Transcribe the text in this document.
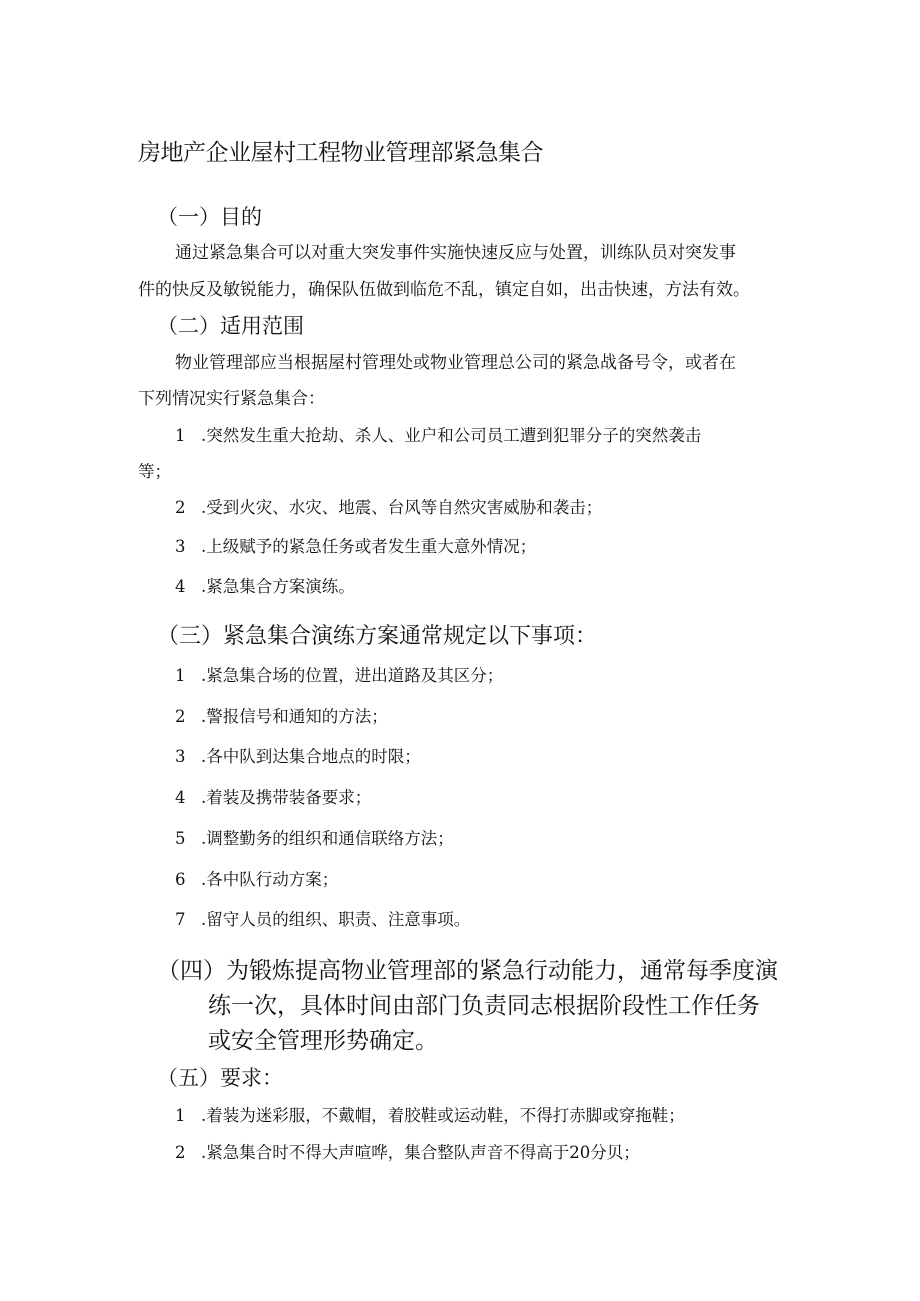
房地产企业屋村工程物业管理部紧急集合

（一）目的

通过紧急集合可以对重大突发事件实施快速反应与处置，训练队员对突发事

件的快反及敏锐能力，确保队伍做到临危不乱，镇定自如，出击快速，方法有效。

（二）适用范围

物业管理部应当根据屋村管理处或物业管理总公司的紧急战备号令，或者在

下列情况实行紧急集合：

1 .突然发生重大抢劫、杀人、业户和公司员工遭到犯罪分子的突然袭击

等；

2 .受到火灾、水灾、地震、台风等自然灾害威胁和袭击；

3 .上级赋予的紧急任务或者发生重大意外情况；

4 .紧急集合方案演练。

（三）紧急集合演练方案通常规定以下事项：

1 .紧急集合场的位置，进出道路及其区分；

2 .警报信号和通知的方法；

3 .各中队到达集合地点的时限；

4 .着装及携带装备要求；

5 .调整勤务的组织和通信联络方法；

6 .各中队行动方案；

7 .留守人员的组织、职责、注意事项。

（四）为锻炼提高物业管理部的紧急行动能力，通常每季度演

练一次，具体时间由部门负责同志根据阶段性工作任务

或安全管理形势确定。

（五）要求：

1 .着装为迷彩服，不戴帽，着胶鞋或运动鞋，不得打赤脚或穿拖鞋；

2 .紧急集合时不得大声喧哗，集合整队声音不得高于20分贝；
